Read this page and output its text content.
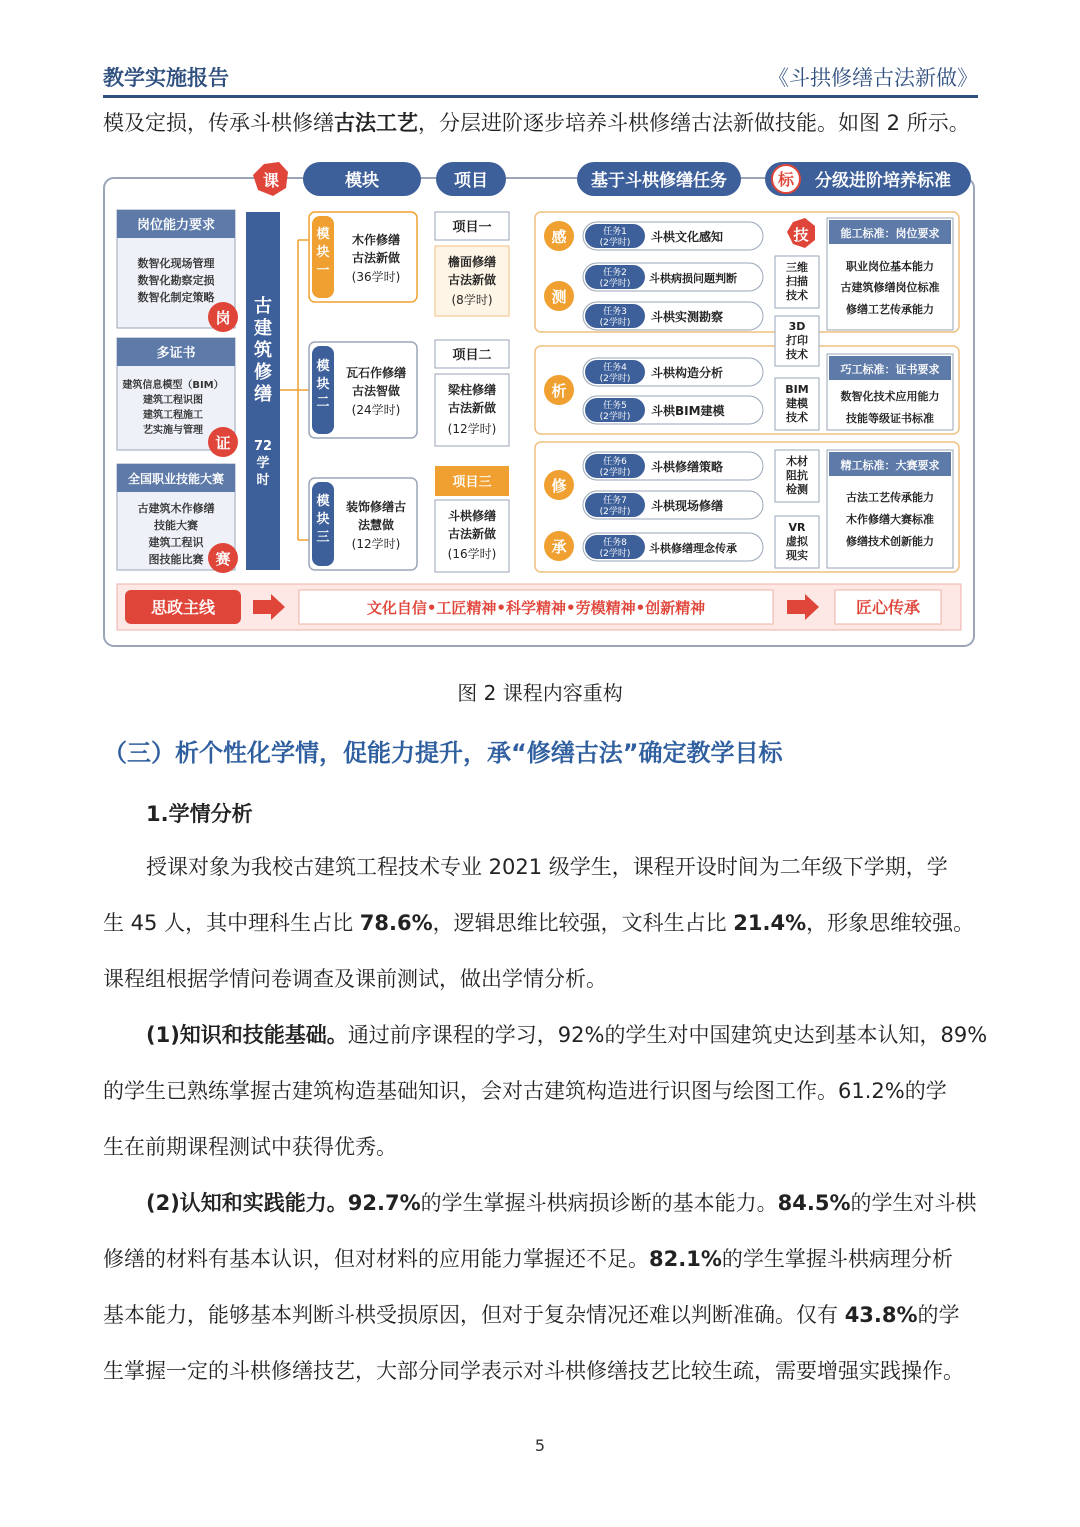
教学实施报告	《斗拱修缮古法新做》
模及定损，传承斗栱修缮古法工艺，分层进阶逐步培养斗栱修缮古法新做技能。如图 2 所示。
课	模块	项目	基于斗栱修缮任务	标 分级进阶培养标准
岗位能力要求
数智化现场管理
数智化勘察定损
数智化制定策略
岗
多证书
建筑信息模型（BIM）
建筑工程识图
建筑工程施工
艺实施与管理
证
全国职业技能大赛
古建筑木作修缮
技能大赛
建筑工程识
图技能比赛 赛
古
建
筑
修
缮
72
学
时
模
块
一
木作修缮
古法新做
(36学时)
模
块
二
瓦石作修缮
古法智做
(24学时)
模
块
三
装饰修缮古
法慧做
(12学时)
项目一
檐面修缮
古法新做
(8学时)
项目二
梁柱修缮
古法新做
(12学时)
项目三
斗栱修缮
古法新做
(16学时)
感
测
析
修
承
任务1
(2学时) 斗栱文化感知
任务2
(2学时) 斗栱病损问题判断
任务3
(2学时) 斗栱实测勘察
任务4
(2学时) 斗栱构造分析
任务5
(2学时) 斗栱BIM建模
任务6
(2学时) 斗栱修缮策略
任务7
(2学时) 斗栱现场修缮
任务8
(2学时) 斗栱修缮理念传承
技
三维
扫描
技术
3D
打印
技术
BIM
建模
技术
木材
阻抗
检测
VR
虚拟
现实
能工标准：岗位要求
职业岗位基本能力
古建筑修缮岗位标准
修缮工艺传承能力
巧工标准：证书要求
数智化技术应用能力
技能等级证书标准
精工标准：大赛要求
古法工艺传承能力
木作修缮大赛标准
修缮技术创新能力
思政主线	文化自信•工匠精神•科学精神•劳模精神•创新精神	匠心传承
图 2 课程内容重构
（三）析个性化学情，促能力提升，承“修缮古法”确定教学目标
1.学情分析
授课对象为我校古建筑工程技术专业 2021 级学生，课程开设时间为二年级下学期，学
生 45 人，其中理科生占比 78.6%，逻辑思维比较强，文科生占比 21.4%，形象思维较强。
课程组根据学情问卷调查及课前测试，做出学情分析。
(1)知识和技能基础。通过前序课程的学习，92%的学生对中国建筑史达到基本认知，89%
的学生已熟练掌握古建筑构造基础知识，会对古建筑构造进行识图与绘图工作。61.2%的学
生在前期课程测试中获得优秀。
(2)认知和实践能力。92.7%的学生掌握斗栱病损诊断的基本能力。84.5%的学生对斗栱
修缮的材料有基本认识，但对材料的应用能力掌握还不足。82.1%的学生掌握斗栱病理分析
基本能力，能够基本判断斗栱受损原因，但对于复杂情况还难以判断准确。仅有 43.8%的学
生掌握一定的斗栱修缮技艺，大部分同学表示对斗栱修缮技艺比较生疏，需要增强实践操作。
5
